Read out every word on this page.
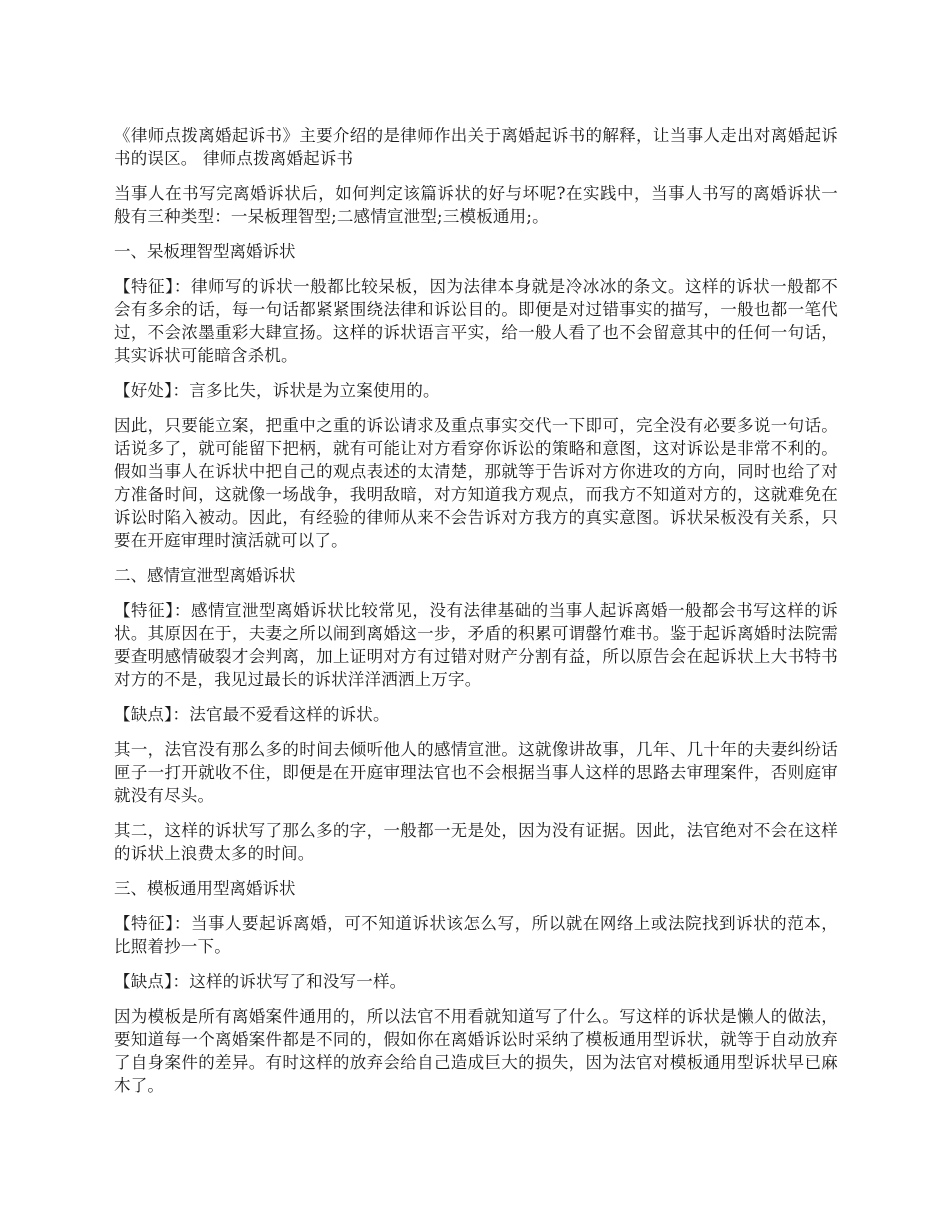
《律师点拨离婚起诉书》主要介绍的是律师作出关于离婚起诉书的解释，让当事人走出对离婚起诉书的误区。 律师点拨离婚起诉书

当事人在书写完离婚诉状后，如何判定该篇诉状的好与坏呢?在实践中，当事人书写的离婚诉状一般有三种类型：一呆板理智型;二感情宣泄型;三模板通用;。

一、呆板理智型离婚诉状

【特征】：律师写的诉状一般都比较呆板，因为法律本身就是冷冰冰的条文。这样的诉状一般都不会有多余的话，每一句话都紧紧围绕法律和诉讼目的。即便是对过错事实的描写，一般也都一笔代过，不会浓墨重彩大肆宣扬。这样的诉状语言平实，给一般人看了也不会留意其中的任何一句话，其实诉状可能暗含杀机。

【好处】：言多比失，诉状是为立案使用的。

因此，只要能立案，把重中之重的诉讼请求及重点事实交代一下即可，完全没有必要多说一句话。话说多了，就可能留下把柄，就有可能让对方看穿你诉讼的策略和意图，这对诉讼是非常不利的。假如当事人在诉状中把自己的观点表述的太清楚，那就等于告诉对方你进攻的方向，同时也给了对方准备时间，这就像一场战争，我明敌暗，对方知道我方观点，而我方不知道对方的，这就难免在诉讼时陷入被动。因此，有经验的律师从来不会告诉对方我方的真实意图。诉状呆板没有关系，只要在开庭审理时演活就可以了。

二、感情宣泄型离婚诉状

【特征】：感情宣泄型离婚诉状比较常见，没有法律基础的当事人起诉离婚一般都会书写这样的诉状。其原因在于，夫妻之所以闹到离婚这一步，矛盾的积累可谓罄竹难书。鉴于起诉离婚时法院需要查明感情破裂才会判离，加上证明对方有过错对财产分割有益，所以原告会在起诉状上大书特书对方的不是，我见过最长的诉状洋洋洒洒上万字。

【缺点】：法官最不爱看这样的诉状。

其一，法官没有那么多的时间去倾听他人的感情宣泄。这就像讲故事，几年、几十年的夫妻纠纷话匣子一打开就收不住，即便是在开庭审理法官也不会根据当事人这样的思路去审理案件，否则庭审就没有尽头。

其二，这样的诉状写了那么多的字，一般都一无是处，因为没有证据。因此，法官绝对不会在这样的诉状上浪费太多的时间。

三、模板通用型离婚诉状

【特征】：当事人要起诉离婚，可不知道诉状该怎么写，所以就在网络上或法院找到诉状的范本，比照着抄一下。

【缺点】：这样的诉状写了和没写一样。

因为模板是所有离婚案件通用的，所以法官不用看就知道写了什么。写这样的诉状是懒人的做法，要知道每一个离婚案件都是不同的，假如你在离婚诉讼时采纳了模板通用型诉状，就等于自动放弃了自身案件的差异。有时这样的放弃会给自己造成巨大的损失，因为法官对模板通用型诉状早已麻木了。
